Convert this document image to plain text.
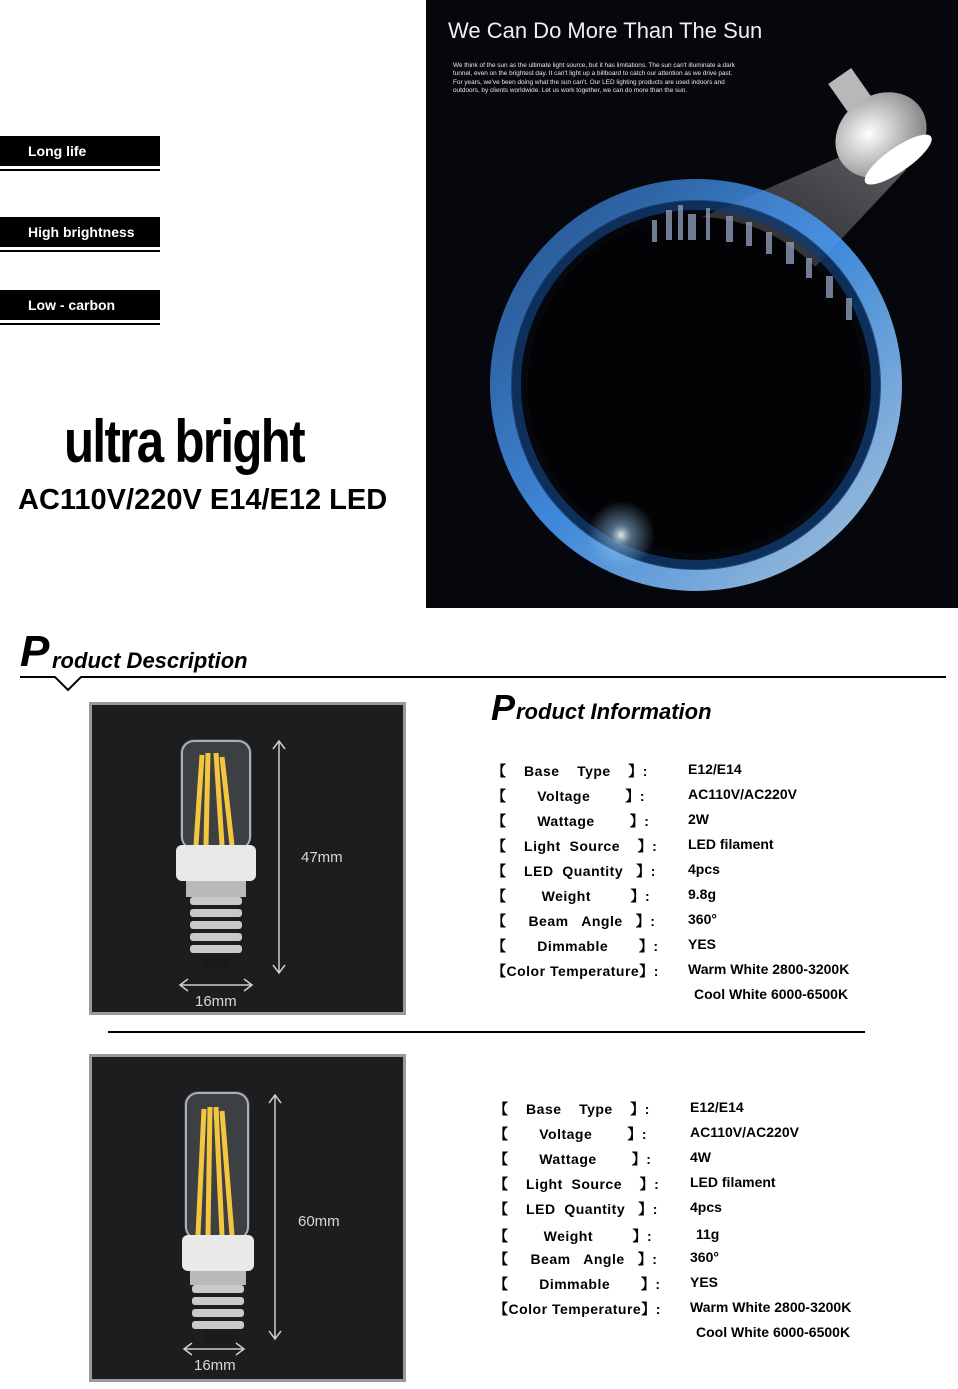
Long life
High brightness
Low - carbon
ultra bright
AC110V/220V E14/E12 LED
We Can Do More Than The Sun
We think of the sun as the ultimate light source, but it has limitations. The sun can't illuminate a dark tunnel, even on the brightest day. It can't light up a billboard to catch our attention as we drive past. For years, we've been doing what the sun can't. Our LED lighting products are used indoors and outdoors, by clients worldwide. Let us work together, we can do more than the sun.
P roduct Description
47mm
16mm
P roduct Information
【    Base    Type    】:	E12/E14
【       Voltage        】:	AC110V/AC220V
【       Wattage        】:	2W
【    Light  Source    】: LED filament
【    LED  Quantity   】: 4pcs
【        Weight         】:	9.8g
【     Beam   Angle   】: 360°
【       Dimmable       】: YES
【Color Temperature】: Warm White 2800-3200K
Cool White 6000-6500K
60mm
16mm
【    Base    Type    】:	E12/E14
【       Voltage        】:	AC110V/AC220V
【       Wattage        】:	4W
【    Light  Source    】: LED filament
【    LED  Quantity   】: 4pcs
【        Weight         】:	11g
【     Beam   Angle   】: 360°
【       Dimmable       】: YES
【Color Temperature】: Warm White 2800-3200K
Cool White 6000-6500K
